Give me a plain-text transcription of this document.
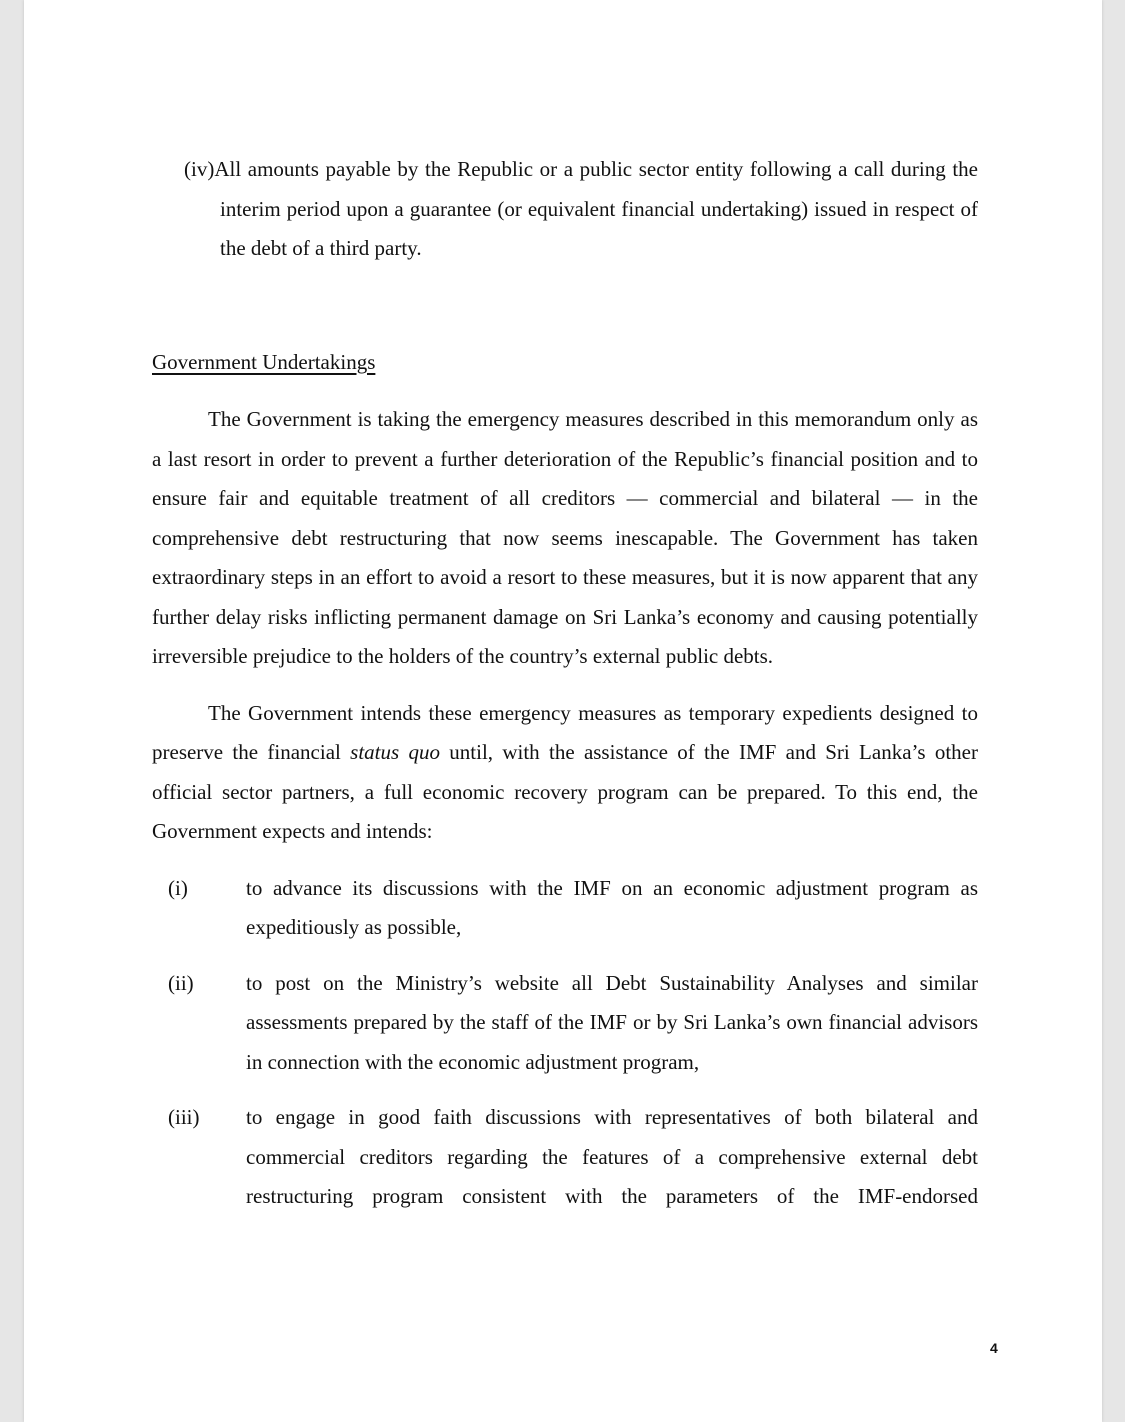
(iv)All amounts payable by the Republic or a public sector entity following a call during the interim period upon a guarantee (or equivalent financial undertaking) issued in respect of the debt of a third party.

Government Undertakings

The Government is taking the emergency measures described in this memorandum only as a last resort in order to prevent a further deterioration of the Republic’s financial position and to ensure fair and equitable treatment of all creditors — commercial and bilateral — in the comprehensive debt restructuring that now seems inescapable. The Government has taken extraordinary steps in an effort to avoid a resort to these measures, but it is now apparent that any further delay risks inflicting permanent damage on Sri Lanka’s economy and causing potentially irreversible prejudice to the holders of the country’s external public debts.

The Government intends these emergency measures as temporary expedients designed to preserve the financial status quo until, with the assistance of the IMF and Sri Lanka’s other official sector partners, a full economic recovery program can be prepared. To this end, the Government expects and intends:

(i)	to advance its discussions with the IMF on an economic adjustment program as expeditiously as possible,

(ii) to post on the Ministry’s website all Debt Sustainability Analyses and similar assessments prepared by the staff of the IMF or by Sri Lanka’s own financial advisors in connection with the economic adjustment program,

(iii) to engage in good faith discussions with representatives of both bilateral and commercial creditors regarding the features of a comprehensive external debt restructuring program consistent with the parameters of the IMF-endorsed

4
